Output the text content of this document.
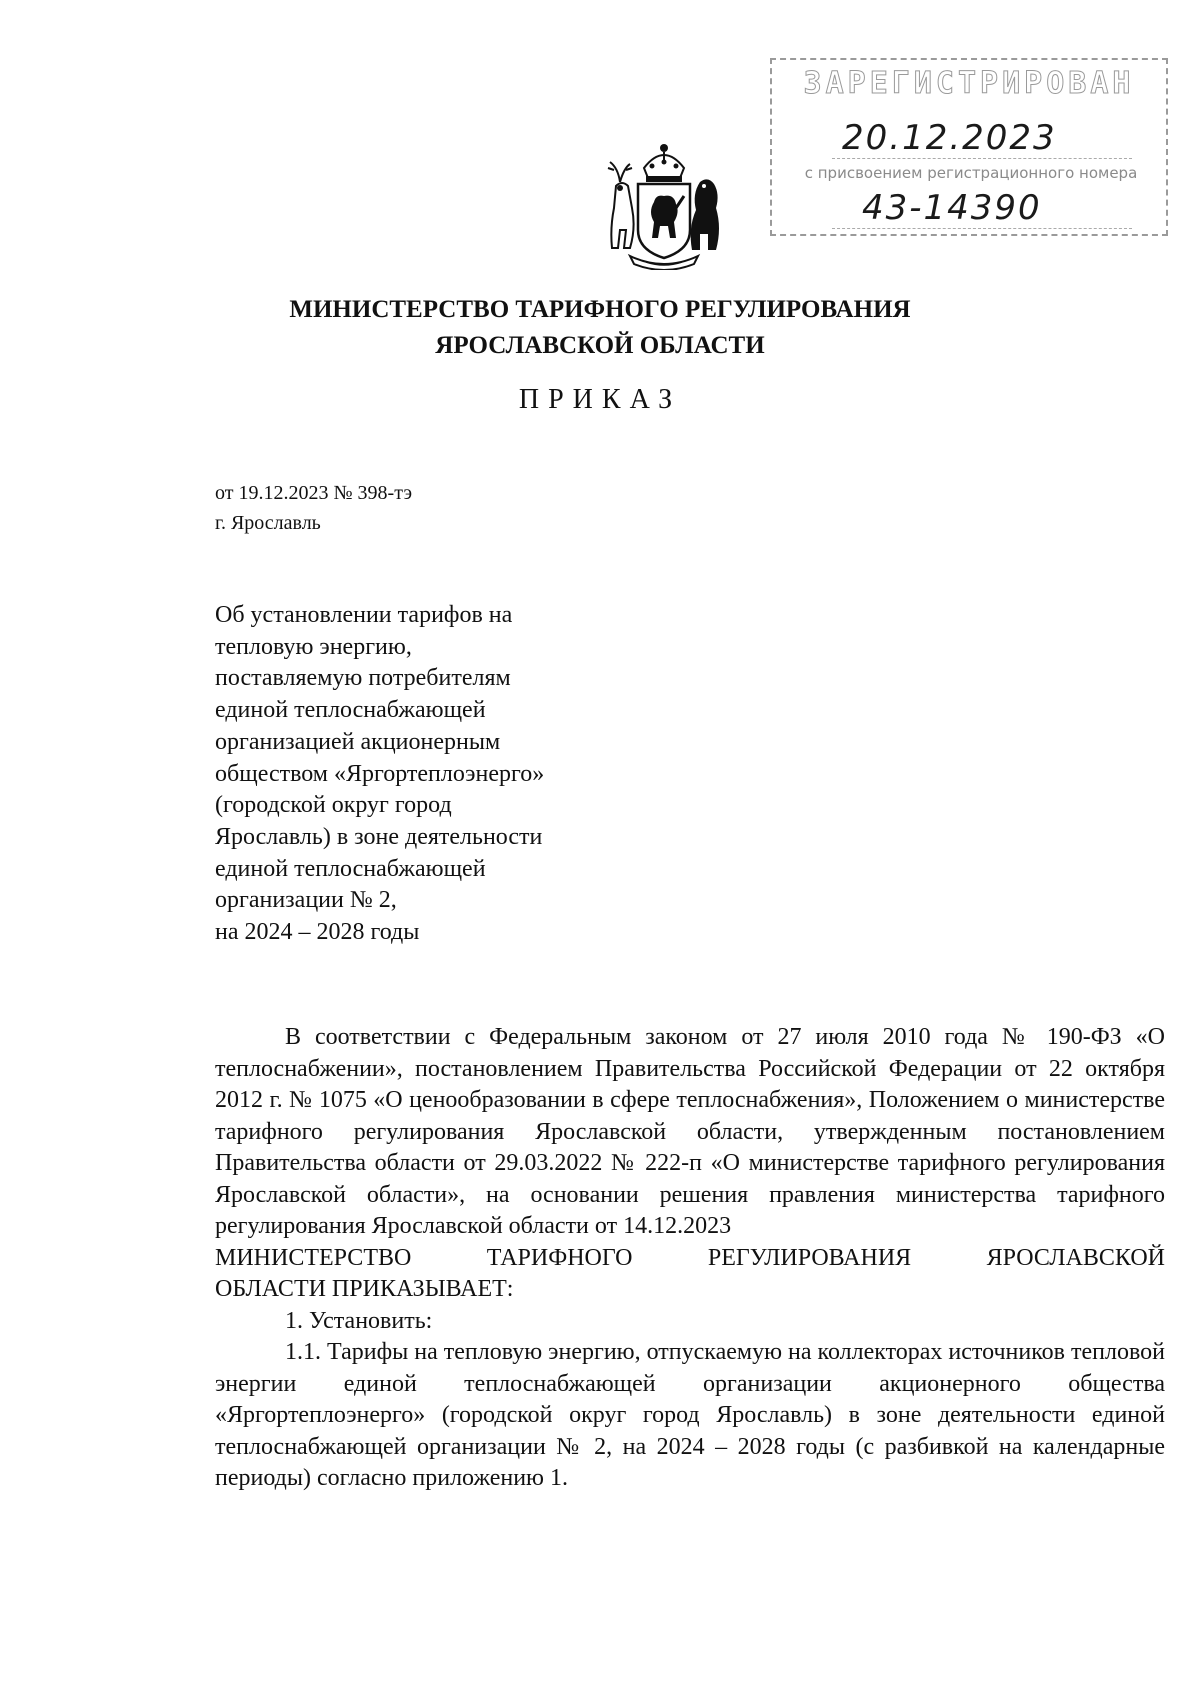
ЗАРЕГИСТРИРОВАН
20.12.2023
с присвоением регистрационного номера
43-14390
МИНИСТЕРСТВО ТАРИФНОГО РЕГУЛИРОВАНИЯ
ЯРОСЛАВСКОЙ ОБЛАСТИ
ПРИКАЗ
от 19.12.2023 № 398-тэ
г. Ярославль
Об установлении тарифов на
тепловую энергию,
поставляемую потребителям
единой теплоснабжающей
организацией акционерным
обществом «Яргортеплоэнерго»
(городской округ город
Ярославль) в зоне деятельности
единой теплоснабжающей
организации № 2,
на 2024 – 2028 годы
В соответствии с Федеральным законом от 27 июля 2010 года № 190-ФЗ «О теплоснабжении», постановлением Правительства Российской Федерации от 22 октября 2012 г. № 1075 «О ценообразовании в сфере теплоснабжения», Положением о министерстве тарифного регулирования Ярославской области, утвержденным постановлением Правительства области от 29.03.2022 № 222-п «О министерстве тарифного регулирования Ярославской области», на основании решения правления министерства тарифного регулирования Ярославской области от 14.12.2023
МИНИСТЕРСТВО ТАРИФНОГО РЕГУЛИРОВАНИЯ ЯРОСЛАВСКОЙ
ОБЛАСТИ ПРИКАЗЫВАЕТ:
1. Установить:
1.1. Тарифы на тепловую энергию, отпускаемую на коллекторах источников тепловой энергии единой теплоснабжающей организации акционерного общества «Яргортеплоэнерго» (городской округ город Ярославль) в зоне деятельности единой теплоснабжающей организации № 2, на 2024 – 2028 годы (с разбивкой на календарные периоды) согласно приложению 1.
